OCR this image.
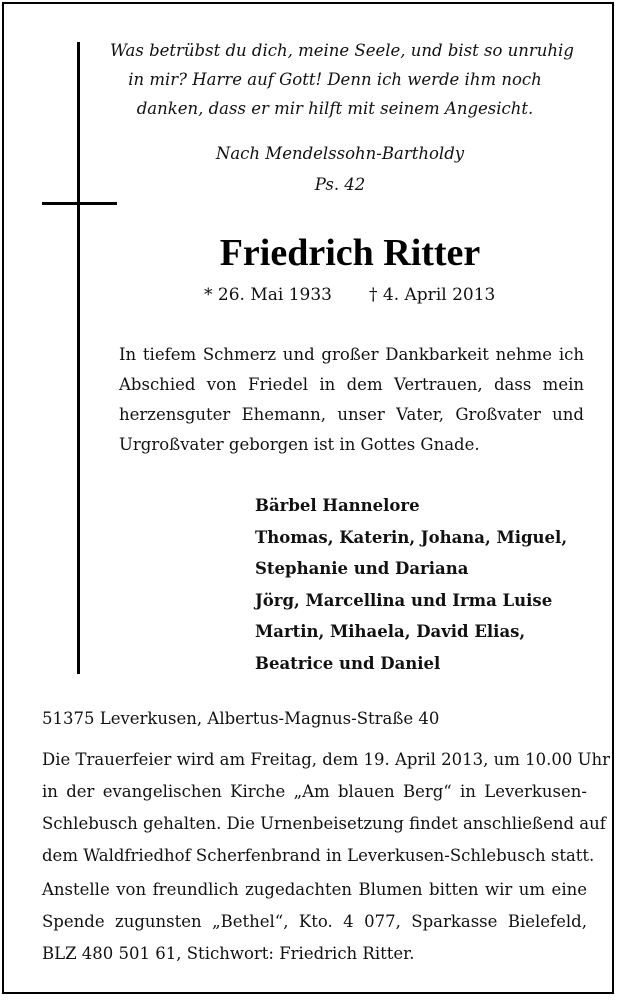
Was betrübst du dich, meine Seele, und bist so unruhig
in mir? Harre auf Gott! Denn ich werde ihm noch
danken, dass er mir hilft mit seinem Angesicht.
Nach Mendelssohn-Bartholdy
Ps. 42
Friedrich Ritter
* 26. Mai 1933 † 4. April 2013
In tiefem Schmerz und großer Dankbarkeit nehme ich
Abschied von Friedel in dem Vertrauen, dass mein
herzensguter Ehemann, unser Vater, Großvater und
Urgroßvater geborgen ist in Gottes Gnade.
Bärbel Hannelore
Thomas, Katerin, Johana, Miguel,
Stephanie und Dariana
Jörg, Marcellina und Irma Luise
Martin, Mihaela, David Elias,
Beatrice und Daniel
51375 Leverkusen, Albertus-Magnus-Straße 40
Die Trauerfeier wird am Freitag, dem 19. April 2013, um 10.00 Uhr
in der evangelischen Kirche „Am blauen Berg“ in Leverkusen-
Schlebusch gehalten. Die Urnenbeisetzung findet anschließend auf
dem Waldfriedhof Scherfenbrand in Leverkusen-Schlebusch statt.
Anstelle von freundlich zugedachten Blumen bitten wir um eine
Spende zugunsten „Bethel“, Kto. 4 077, Sparkasse Bielefeld,
BLZ 480 501 61, Stichwort: Friedrich Ritter.
